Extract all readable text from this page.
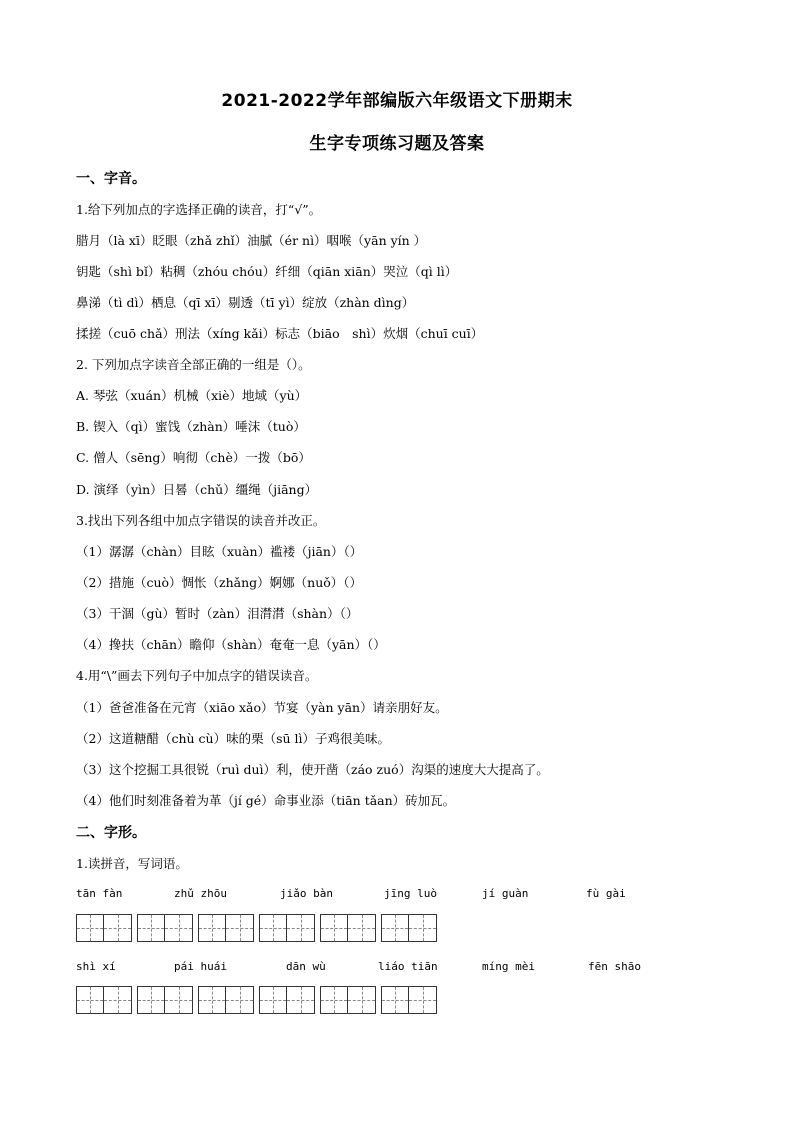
2021-2022学年部编版六年级语文下册期末
生字专项练习题及答案
一、字音。
1.给下列加点的字选择正确的读音，打“√”。
腊月（là xī）眨眼（zhǎ zhǐ）油腻（ér nì）咽喉（yān yín ）
钥匙（shì bǐ）粘稠（zhóu chóu）纤细（qiān xiān）哭泣（qì lì）
鼻涕（tì dì）栖息（qī xī）剔透（tī yì）绽放（zhàn dìng）
揉搓（cuō chǎ）刑法（xíng kǎi）标志（biāo　shì）炊烟（chuī cuī）
2. 下列加点字读音全部正确的一组是（）。
A. 琴弦（xuán）机械（xiè）地域（yù）
B. 锲入（qì）蜜饯（zhàn）唾沫（tuò）
C. 僧人（sēng）响彻（chè）一拨（bō）
D. 演绎（yìn）日晷（chǔ）缰绳（jiāng）
3.找出下列各组中加点字错误的读音并改正。
（1）潺潺（chàn）目眩（xuàn）褴褛（jiān）（）
（2）措施（cuò）惆怅（zhǎng）婀娜（nuǒ）（）
（3）干涸（gù）暂时（zàn）泪潸潸（shàn）（）
（4）搀扶（chān）瞻仰（shàn）奄奄一息（yān）（）
4.用“\”画去下列句子中加点字的错误读音。
（1）爸爸准备在元宵（xiāo xǎo）节宴（yàn yān）请亲朋好友。
（2）这道糖醋（chù cù）味的栗（sū lì）子鸡很美味。
（3）这个挖掘工具很锐（ruì duì）利，使开凿（záo zuó）沟渠的速度大大提高了。
（4）他们时刻准备着为革（jí gé）命事业添（tiān tǎan）砖加瓦。
二、字形。
1.读拼音，写词语。
tān fàn	zhǔ zhōu	jiǎo bàn	jīng luò	jí guàn	fù gài
shì xí	pái huái	dān wù	liáo tiān	míng mèi	fēn shāo
